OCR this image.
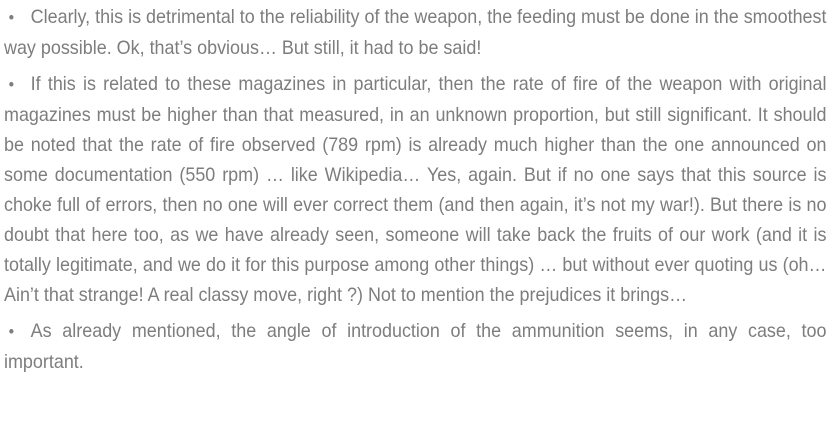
• Clearly, this is detrimental to the reliability of the weapon, the feeding must be done in the smoothest way possible. Ok, that’s obvious… But still, it had to be said!
• If this is related to these magazines in particular, then the rate of fire of the weapon with original magazines must be higher than that measured, in an unknown proportion, but still significant. It should be noted that the rate of fire observed (789 rpm) is already much higher than the one announced on some documentation (550 rpm) … like Wikipedia… Yes, again. But if no one says that this source is choke full of errors, then no one will ever correct them (and then again, it’s not my war!). But there is no doubt that here too, as we have already seen, someone will take back the fruits of our work (and it is totally legitimate, and we do it for this purpose among other things) … but without ever quoting us (oh… Ain’t that strange! A real classy move, right ?) Not to mention the prejudices it brings…
• As already mentioned, the angle of introduction of the ammunition seems, in any case, too important.
